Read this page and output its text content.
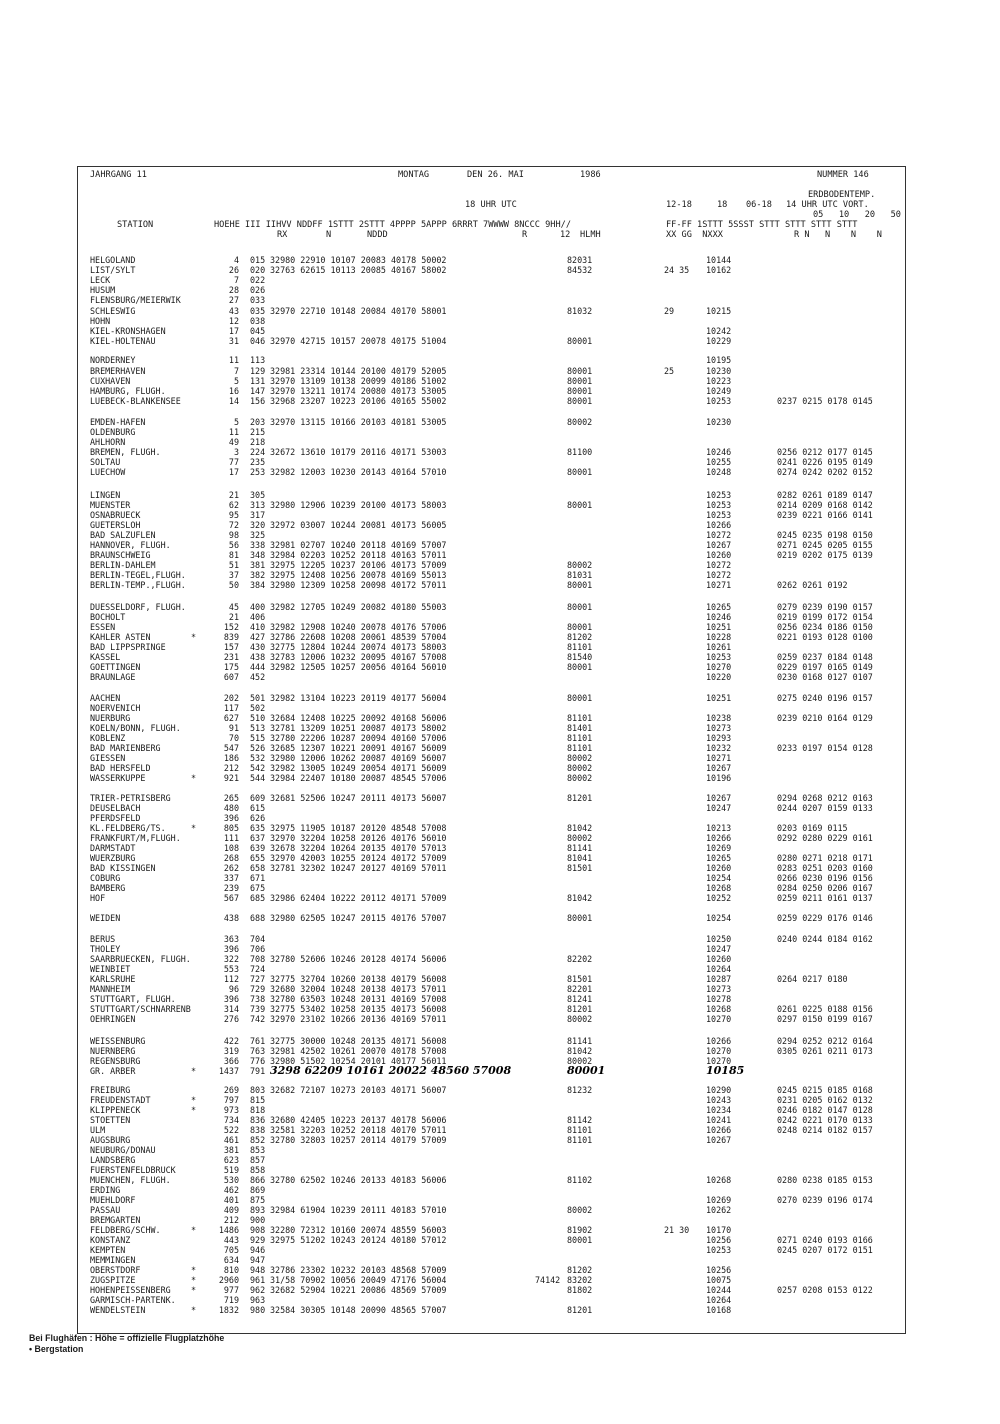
JAHRGANG 11	MONTAG	DEN 26. MAI	1986	NUMMER 146
ERDBODENTEMP.
18 UHR UTC	12-18	18 06-18 14 UHR UTC VORT.
05   10   20   50
STATION	HOEHE III IIHVV NDDFF 1STTT 2STTT 4PPPP 5APPP 6RRRT 7WWWW 8NCCC 9HH//	FF-FF 1STTT 5SSST STTT STTT STTT STTT
RX	N	NDDD	R	12 HLMH	XX GG  NXXX	R N   N    N    N
HELGOLAND	4 015 32980 22910 10107 20083 40178 50002	82031	10144
LIST/SYLT	26 020 32763 62615 10113 20085 40167 58002	84532	24 35 10162
LECK	7 022
HUSUM	28 026
FLENSBURG/MEIERWIK	27 033
SCHLESWIG	43 035 32970 22710 10148 20084 40170 58001	81032	29	10215
HOHN	12 038
KIEL-KRONSHAGEN	17 045	10242
KIEL-HOLTENAU	31 046 32970 42715 10157 20078 40175 51004	80001	10229
NORDERNEY	11 113	10195
BREMERHAVEN	7 129 32981 23314 10144 20100 40179 52005	80001	25	10230
CUXHAVEN	5 131 32970 13109 10138 20099 40186 51002	80001	10223
HAMBURG, FLUGH.	16 147 32970 13211 10174 20080 40173 53005	80001	10249
LUEBECK-BLANKENSEE	14 156 32968 23207 10223 20106 40165 55002	80001	10253	0237 0215 0178 0145
EMDEN-HAFEN	5 203 32970 13115 10166 20103 40181 53005	80002	10230
OLDENBURG	11 215
AHLHORN	49 218
BREMEN, FLUGH.	3 224 32672 13610 10179 20116 40171 53003	81100	10246	0256 0212 0177 0145
SOLTAU	77 235	10255	0241 0226 0195 0149
LUECHOW	17 253 32982 12003 10230 20143 40164 57010	80001	10248	0274 0242 0202 0152
LINGEN	21 305	10253	0282 0261 0189 0147
MUENSTER	62 313 32980 12906 10239 20100 40173 58003	80001	10253	0214 0209 0168 0142
OSNABRUECK	95 317	10253	0239 0221 0166 0141
GUETERSLOH	72 320 32972 03007 10244 20081 40173 56005	10266
BAD SALZUFLEN	98 325	10272	0245 0235 0198 0150
HANNOVER, FLUGH.	56 338 32981 02707 10240 20118 40169 57007	10267	0271 0245 0205 0155
BRAUNSCHWEIG	81 348 32984 02203 10252 20118 40163 57011	10260	0219 0202 0175 0139
BERLIN-DAHLEM	51 381 32975 12205 10237 20106 40173 57009	80002	10272
BERLIN-TEGEL,FLUGH.	37 382 32975 12408 10256 20078 40169 55013	81031	10272
BERLIN-TEMP.,FLUGH.	50 384 32980 12309 10258 20098 40172 57011	80001	10271	0262 0261 0192
DUESSELDORF, FLUGH.	45 400 32982 12705 10249 20082 40180 55003	80001	10265	0279 0239 0190 0157
BOCHOLT	21 406	10246	0219 0199 0172 0154
ESSEN	152 410 32982 12908 10240 20078 40176 57006	80001	10251	0256 0234 0186 0150
KAHLER ASTEN	*	839 427 32786 22608 10208 20061 48539 57004	81202	10228	0221 0193 0128 0100
BAD LIPPSPRINGE	157 430 32775 12804 10244 20074 40173 58003	81101	10261
KASSEL	231 438 32783 12006 10232 20095 40167 57008	81540	10253	0259 0237 0184 0148
GOETTINGEN	175 444 32982 12505 10257 20056 40164 56010	80001	10270	0229 0197 0165 0149
BRAUNLAGE	607 452	10220	0230 0168 0127 0107
AACHEN	202 501 32982 13104 10223 20119 40177 56004	80001	10251	0275 0240 0196 0157
NOERVENICH	117 502
NUERBURG	627 510 32684 12408 10225 20092 40168 56006	81101	10238	0239 0210 0164 0129
KOELN/BONN, FLUGH.	91 513 32781 13209 10251 20087 40173 58002	81401	10273
KOBLENZ	70 515 32780 22206 10287 20094 40160 57006	81101	10293
BAD MARIENBERG	547 526 32685 12307 10221 20091 40167 56009	81101	10232	0233 0197 0154 0128
GIESSEN	186 532 32980 12006 10262 20087 40169 56007	80002	10271
BAD HERSFELD	212 542 32982 13005 10249 20054 40171 56009	80002	10267
WASSERKUPPE	*	921 544 32984 22407 10180 20087 48545 57006	80002	10196
TRIER-PETRISBERG	265 609 32681 52506 10247 20111 40173 56007	81201	10267	0294 0268 0212 0163
DEUSELBACH	480 615	10247	0244 0207 0159 0133
PFERDSFELD	396 626
KL.FELDBERG/TS.	*	805 635 32975 11905 10187 20120 48548 57008	81042	10213	0203 0169 0115
FRANKFURT/M,FLUGH.	111 637 32970 32204 10258 20126 40176 56010	80002	10266	0292 0280 0229 0161
DARMSTADT	108 639 32678 32204 10264 20135 40170 57013	81141	10269
WUERZBURG	268 655 32970 42003 10255 20124 40172 57009	81041	10265	0280 0271 0218 0171
BAD KISSINGEN	262 658 32781 32302 10247 20127 40169 57011	81501	10260	0283 0251 0203 0160
COBURG	337 671	10254	0266 0230 0196 0156
BAMBERG	239 675	10268	0284 0250 0206 0167
HOF	567 685 32986 62404 10222 20112 40171 57009	81042	10252	0259 0211 0161 0137
WEIDEN	438 688 32980 62505 10247 20115 40176 57007	80001	10254	0259 0229 0176 0146
BERUS	363 704	10250	0240 0244 0184 0162
THOLEY	396 706	10247
SAARBRUECKEN, FLUGH.	322 708 32780 52606 10246 20128 40174 56006	82202	10260
WEINBIET	553 724	10264
KARLSRUHE	112 727 32775 32704 10260 20138 40179 56008	81501	10287	0264 0217 0180
MANNHEIM	96 729 32680 32004 10248 20138 40173 57011	82201	10273
STUTTGART, FLUGH.	396 738 32780 63503 10248 20131 40169 57008	81241	10278
STUTTGART/SCHNARRENB	314 739 32775 53402 10258 20135 40173 56008	81201	10268	0261 0225 0188 0156
OEHRINGEN	276 742 32970 23102 10266 20136 40169 57011	80002	10270	0297 0150 0199 0167
WEISSENBURG	422 761 32775 30000 10248 20135 40171 56008	81141	10266	0294 0252 0212 0164
NUERNBERG	319 763 32981 42502 10261 20070 40178 57008	81042	10270	0305 0261 0211 0173
REGENSBURG	366 776 32980 51502 10254 20101 40177 56011	80002	10270
GR. ARBER	*	1437 791 3298 62209 10161 20022 48560 57008	80001	10185
FREIBURG	269 803 32682 72107 10273 20103 40171 56007	81232	10290	0245 0215 0185 0168
FREUDENSTADT	*	797 815	10243	0231 0205 0162 0132
KLIPPENECK	*	973 818	10234	0246 0182 0147 0128
STOETTEN	734 836 32680 42405 10223 20137 40178 56006	81142	10241	0242 0221 0170 0133
ULM	522 838 32581 32203 10252 20118 40170 57011	81101	10266	0248 0214 0182 0157
AUGSBURG	461 852 32780 32803 10257 20114 40179 57009	81101	10267
NEUBURG/DONAU	381 853
LANDSBERG	623 857
FUERSTENFELDBRUCK	519 858
MUENCHEN, FLUGH.	530 866 32780 62502 10246 20133 40183 56006	81102	10268	0280 0238 0185 0153
ERDING	462 869
MUEHLDORF	401 875	10269	0270 0239 0196 0174
PASSAU	409 893 32984 61904 10239 20111 40183 57010	80002	10262
BREMGARTEN	212 900
FELDBERG/SCHW.	*	1486 908 32280 72312 10160 20074 48559 56003	81902	21 30 10170
KONSTANZ	443 929 32975 51202 10243 20124 40180 57012	80001	10256	0271 0240 0193 0166
KEMPTEN	705 946	10253	0245 0207 0172 0151
MEMMINGEN	634 947
OBERSTDORF	*	810 948 32786 23302 10232 20103 48568 57009	81202	10256
ZUGSPITZE	*	2960 961 31/58 70902 10056 20049 47176 56004	74142 83202	10075
HOHENPEISSENBERG *	977 962 32682 52904 10221 20086 48569 57009	81802	10244	0257 0208 0153 0122
GARMISCH-PARTENK.	719 963	10264
WENDELSTEIN	*	1832 980 32584 30305 10148 20090 48565 57007	81201	10168
Bei Flughäfen : Höhe = offizielle Flugplatzhöhe
• Bergstation
